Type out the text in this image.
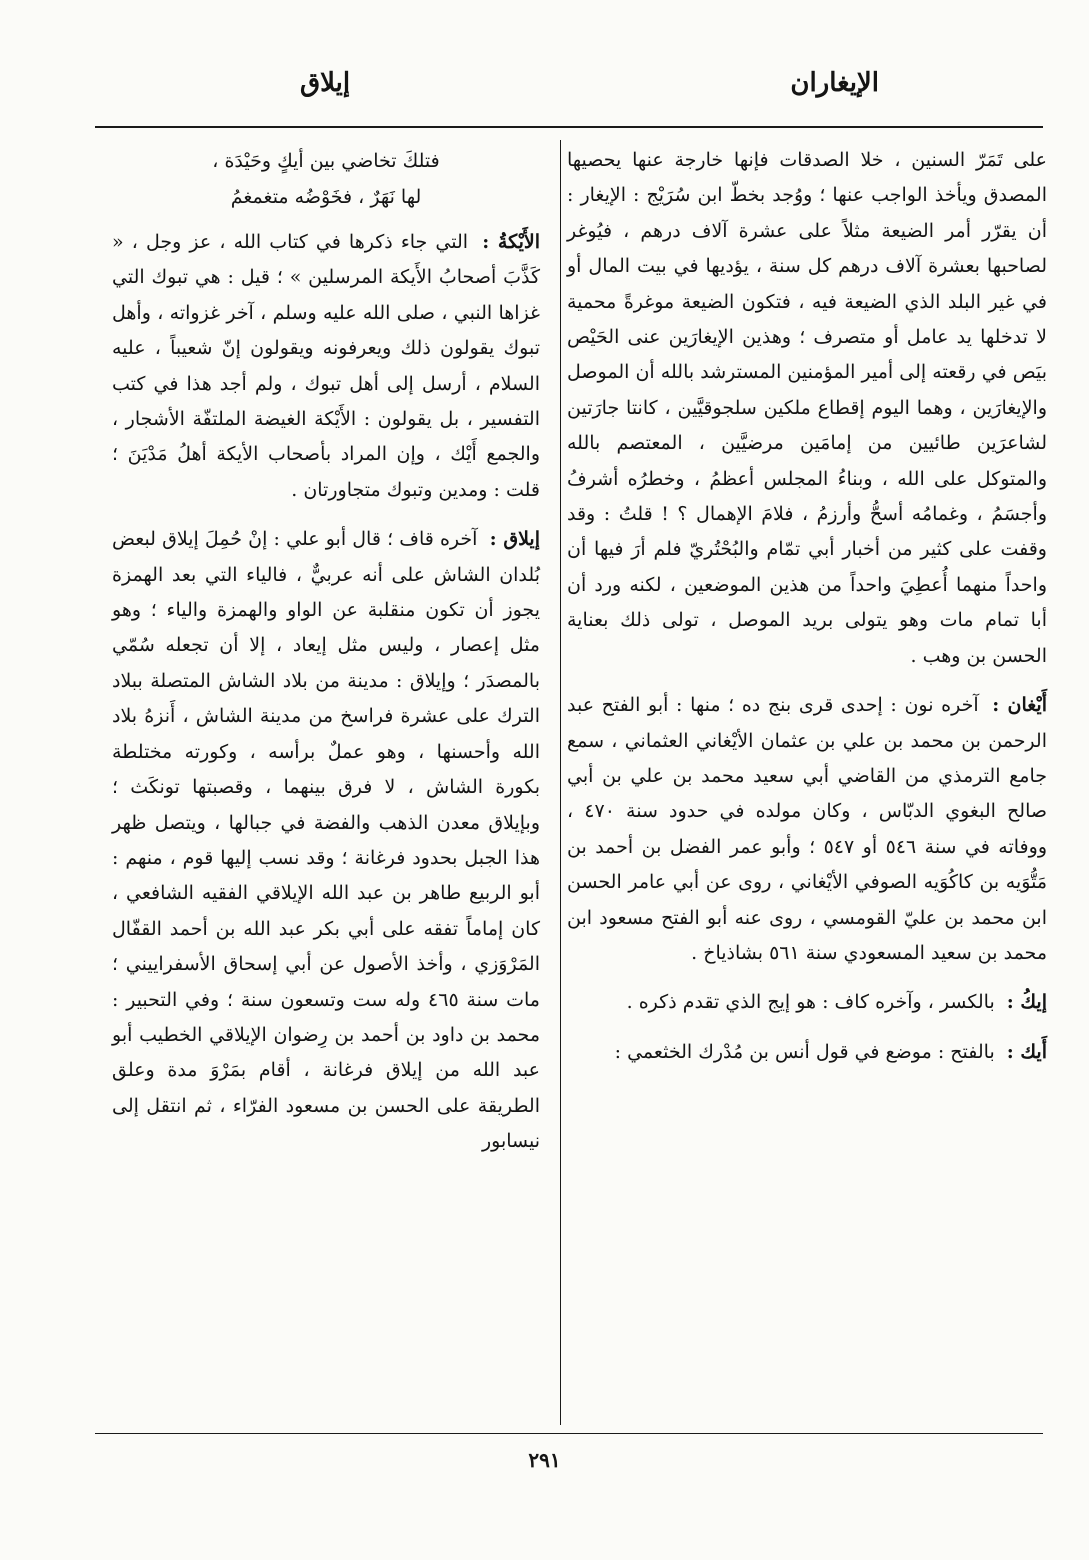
الإيغاران
إيلاق

على تَمَرّ السنين ، خلا الصدقات فإنها خارجة عنها يحصيها المصدق ويأخذ الواجب عنها ؛ ووُجد بخطّ ابن سُرَيْج : الإيغار : أن يقرّر أمر الضيعة مثلاً على عشرة آلاف درهم ، فيُوغر لصاحبها بعشرة آلاف درهم كل سنة ، يؤديها في بيت المال أو في غير البلد الذي الضيعة فيه ، فتكون الضيعة موغرةً محمية لا تدخلها يد عامل أو متصرف ؛ وهذين الإيغارَين عنى الحَيْص بيَص في رقعته إلى أمير المؤمنين المسترشد بالله أن الموصل والإيغارَين ، وهما اليوم إقطاع ملكين سلجوقيَّين ، كانتا جارَتين لشاعرَين طائيين من إمامَين مرضيَّين ، المعتصم بالله والمتوكل على الله ، وبناءُ المجلس أعظمُ ، وخطرُه أشرفُ وأجسَمُ ، وغمامُه أسحُّ وأرزمُ ، فلامَ الإهمال ؟ ! قلتُ : وقد وقفت على كثير من أخبار أبي تمّام والبُحْتُريّ فلم أرَ فيها أن واحداً منهما أُعطِيَ واحداً من هذين الموضعين ، لكنه ورد أن أبا تمام مات وهو يتولى بريد الموصل ، تولى ذلك بعناية الحسن بن وهب .

أَيْغان : آخره نون : إحدى قرى بنج ده ؛ منها : أبو الفتح عبد الرحمن بن محمد بن علي بن عثمان الأيْغاني العثماني ، سمع جامع الترمذي من القاضي أبي سعيد محمد بن علي بن أبي صالح البغوي الدبّاس ، وكان مولده في حدود سنة ٤٧٠ ، ووفاته في سنة ٥٤٦ أو ٥٤٧ ؛ وأبو عمر الفضل بن أحمد بن مَتُّوَيه بن كاكُوَيه الصوفي الأيْغاني ، روى عن أبي عامر الحسن ابن محمد بن عليّ القومسي ، روى عنه أبو الفتح مسعود ابن محمد بن سعيد المسعودي سنة ٥٦١ بشاذياخ .

إيكُ : بالكسر ، وآخره كاف : هو إيج الذي تقدم ذكره .

أَيك : بالفتح : موضع في قول أنس بن مُدْرك الخثعمي :

فتلكَ تخاضي بين أيكٍ وحَيْدَة ،
لها نَهَرٌ ، فخَوْضُه متغمغمُ

الأَيْكةُ : التي جاء ذكرها في كتاب الله ، عز وجل ، « كَذَّبَ أصحابُ الأَيكة المرسلين » ؛ قيل : هي تبوك التي غزاها النبي ، صلى الله عليه وسلم ، آخر غزواته ، وأهل تبوك يقولون ذلك ويعرفونه ويقولون إنّ شعيباً ، عليه السلام ، أرسل إلى أهل تبوك ، ولم أجد هذا في كتب التفسير ، بل يقولون : الأَيْكة الغيضة الملتفّة الأشجار ، والجمع أَيْك ، وإن المراد بأصحاب الأيكة أهلُ مَدْيَنَ ؛ قلت : ومدين وتبوك متجاورتان .

إيلاق : آخره قاف ؛ قال أبو علي : إنْ حُمِلَ إيلاق لبعض بُلدان الشاش على أنه عربيٌّ ، فالياء التي بعد الهمزة يجوز أن تكون منقلبة عن الواو والهمزة والياء ؛ وهو مثل إعصار ، وليس مثل إيعاد ، إلا أن تجعله سُمّي بالمصدَر ؛ وإيلاق : مدينة من بلاد الشاش المتصلة ببلاد الترك على عشرة فراسخ من مدينة الشاش ، أَنزهُ بلاد الله وأحسنها ، وهو عملٌ برأسه ، وكورته مختلطة بكورة الشاش ، لا فرق بينهما ، وقصبتها تونكَث ؛ وبإيلاق معدن الذهب والفضة في جبالها ، ويتصل ظهر هذا الجبل بحدود فرغانة ؛ وقد نسب إليها قوم ، منهم : أبو الربيع طاهر بن عبد الله الإيلاقي الفقيه الشافعي ، كان إماماً تفقه على أبي بكر عبد الله بن أحمد القفّال المَرْوَزي ، وأخذ الأصول عن أبي إسحاق الأسفراييني ؛ مات سنة ٤٦٥ وله ست وتسعون سنة ؛ وفي التحبير : محمد بن داود بن أحمد بن رِضوان الإيلاقي الخطيب أبو عبد الله من إيلاق فرغانة ، أقام بمَرْوَ مدة وعلق الطريقة على الحسن بن مسعود الفرّاء ، ثم انتقل إلى نيسابور

٢٩١
